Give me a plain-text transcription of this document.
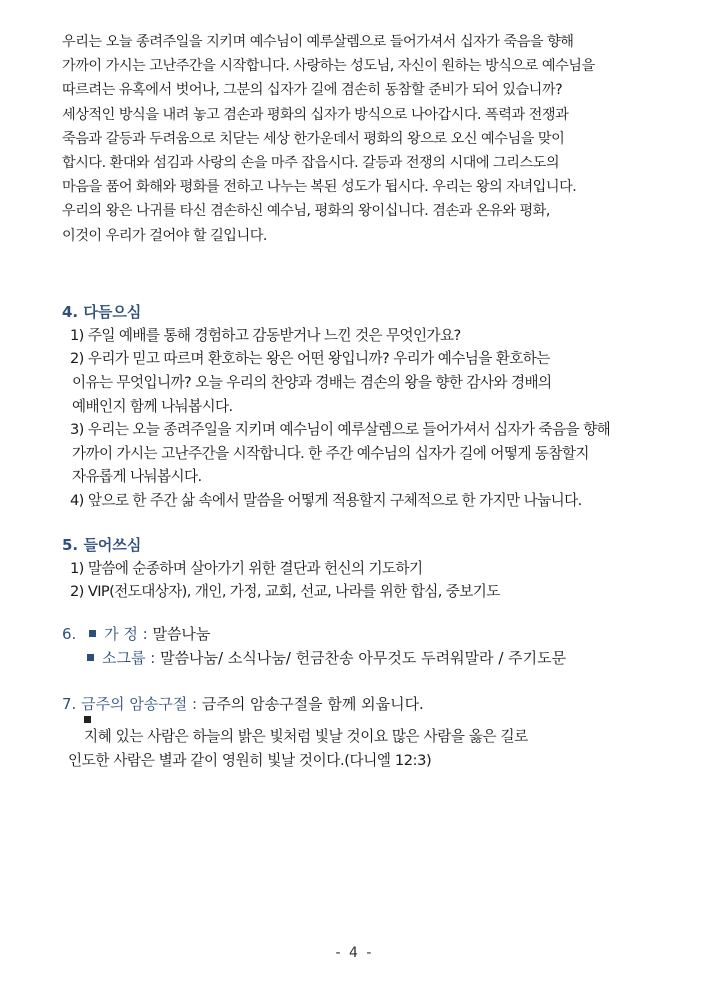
우리는 오늘 종려주일을 지키며 예수님이 예루살렘으로 들어가셔서 십자가 죽음을 향해
가까이 가시는 고난주간을 시작합니다. 사랑하는 성도님, 자신이 원하는 방식으로 예수님을
따르려는 유혹에서 벗어나, 그분의 십자가 길에 겸손히 동참할 준비가 되어 있습니까?
세상적인 방식을 내려 놓고 겸손과 평화의 십자가 방식으로 나아갑시다. 폭력과 전쟁과
죽음과 갈등과 두려움으로 치닫는 세상 한가운데서 평화의 왕으로 오신 예수님을 맞이
합시다. 환대와 섬김과 사랑의 손을 마주 잡읍시다. 갈등과 전쟁의 시대에 그리스도의
마음을 품어 화해와 평화를 전하고 나누는 복된 성도가 됩시다. 우리는 왕의 자녀입니다.
우리의 왕은 나귀를 타신 겸손하신 예수님, 평화의 왕이십니다. 겸손과 온유와 평화,
이것이 우리가 걸어야 할 길입니다.

4. 다듬으심
1) 주일 예배를 통해 경험하고 감동받거나 느낀 것은 무엇인가요?
2) 우리가 믿고 따르며 환호하는 왕은 어떤 왕입니까? 우리가 예수님을 환호하는
이유는 무엇입니까? 오늘 우리의 찬양과 경배는 겸손의 왕을 향한 감사와 경배의
예배인지 함께 나눠봅시다.
3) 우리는 오늘 종려주일을 지키며 예수님이 예루살렘으로 들어가셔서 십자가 죽음을 향해
가까이 가시는 고난주간을 시작합니다. 한 주간 예수님의 십자가 길에 어떻게 동참할지
자유롭게 나눠봅시다.
4) 앞으로 한 주간 삶 속에서 말씀을 어떻게 적용할지 구체적으로 한 가지만 나눕니다.
5. 들어쓰심
1) 말씀에 순종하며 살아가기 위한 결단과 헌신의 기도하기
2) VIP(전도대상자), 개인, 가정, 교회, 선교, 나라를 위한 합심, 중보기도
6. 가 정 : 말씀나눔
소그룹 : 말씀나눔/ 소식나눔/ 헌금찬송 아무것도 두려워말라 / 주기도문
7. 금주의 암송구절 : 금주의 암송구절을 함께 외웁니다.

지혜 있는 사람은 하늘의 밝은 빛처럼 빛날 것이요 많은 사람을 옳은 길로
인도한 사람은 별과 같이 영원히 빛날 것이다.(다니엘 12:3)

- 4 -
